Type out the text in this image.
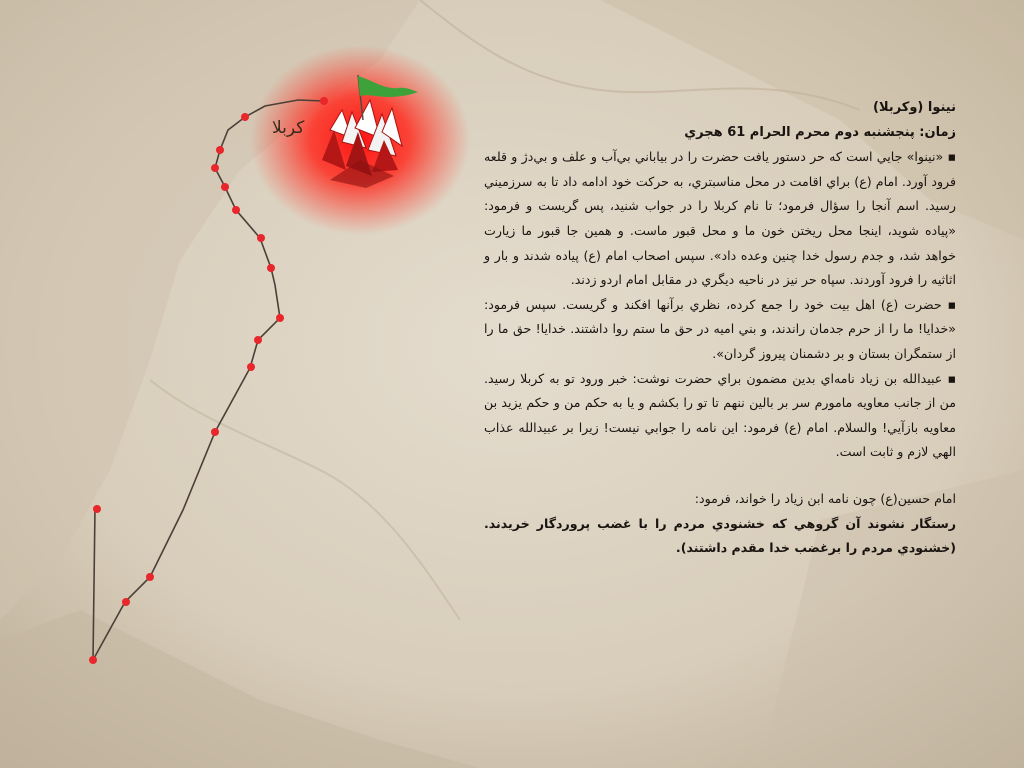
کربلا

نينوا (وكربلا)

زمان: پنجشنبه دوم محرم الحرام 61 هجري

▪ «نينوا» جايي است كه حر دستور يافت حضرت را در بياباني بي‌آب و علف و بي‌دژ و قلعه فرود آورد. امام (ع) براي اقامت در محل مناسبتري، به حركت خود ادامه داد تا به سرزميني رسيد. اسم آنجا را سؤال فرمود؛ تا نام كربلا را در جواب شنيد، پس گريست و فرمود: «پياده شويد، اينجا محل ريختن خون ما و محل قبور ماست. و همين جا قبور ما زيارت خواهد شد، و جدم رسول خدا چنين وعده داد». سپس اصحاب امام (ع) پياده شدند و بار و اثاثيه را فرود آوردند. سپاه حر نيز در ناحيه ديگري در مقابل امام اردو زدند.

▪ حضرت (ع) اهل بيت خود را جمع كرده، نظري برآنها افكند و گريست. سپس فرمود: «خدايا! ما را از حرم جدمان راندند، و بني اميه در حق ما ستم روا داشتند. خدايا! حق ما را از ستمگران بستان و بر دشمنان پيروز گردان».

▪ عبيدالله بن زياد نامه‌اي بدين مضمون براي حضرت نوشت: خبر ورود تو به كربلا رسيد. من از جانب معاويه مامورم سر بر بالين ننهم تا تو را بكشم و يا به حكم من و حكم يزيد بن معاويه بازآيي! والسلام. امام (ع) فرمود: اين نامه را جوابي نيست! زيرا بر عبيدالله عذاب الهي لازم و ثابت است.

امام حسين(ع) چون نامه ابن زياد را خواند، فرمود:

رستگار نشوند آن گروهي كه خشنودي مردم را با غضب پروردگار خريدند. (خشنودي مردم را برغضب خدا مقدم داشتند).
